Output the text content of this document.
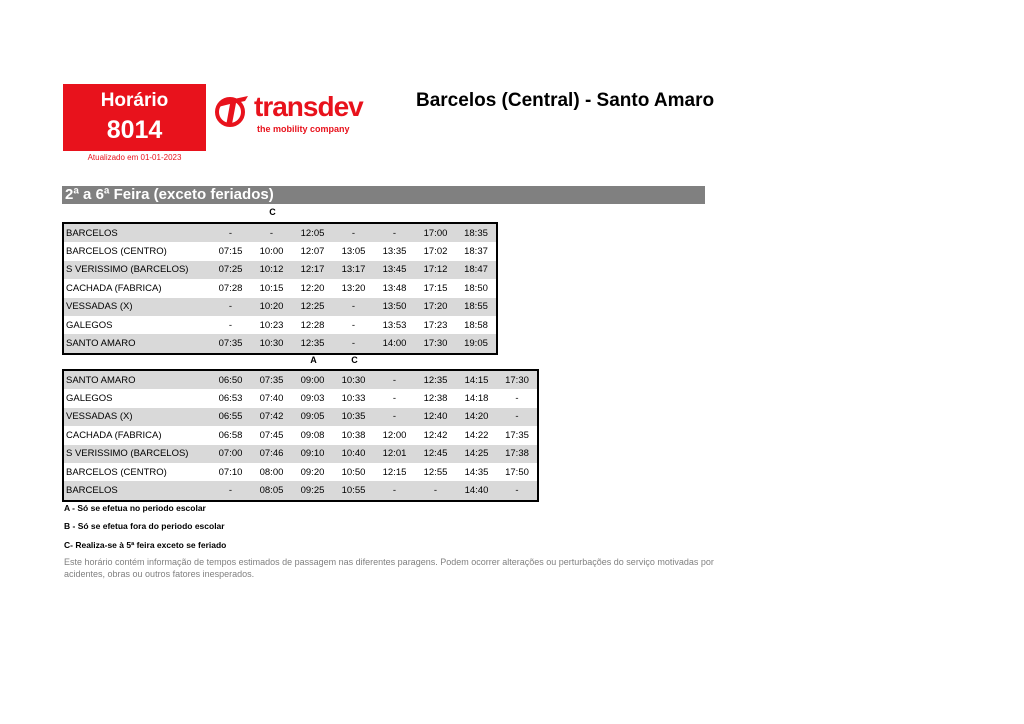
Horário
8014
Atualizado em 01-01-2023
transdev
the mobility company
Barcelos (Central) - Santo Amaro
2ª a 6ª Feira (exceto feriados)
C
BARCELOS	-	-	12:05	-	-	17:00	18:35
BARCELOS (CENTRO)	07:15	10:00	12:07	13:05	13:35	17:02	18:37
S VERISSIMO (BARCELOS)	07:25	10:12	12:17	13:17	13:45	17:12	18:47
CACHADA (FABRICA)	07:28	10:15	12:20	13:20	13:48	17:15	18:50
VESSADAS (X)	-	10:20	12:25	-	13:50	17:20	18:55
GALEGOS	-	10:23	12:28	-	13:53	17:23	18:58
SANTO AMARO	07:35	10:30	12:35	-	14:00	17:30	19:05
A	C
SANTO AMARO	06:50	07:35	09:00	10:30	-	12:35	14:15	17:30
GALEGOS	06:53	07:40	09:03	10:33	-	12:38	14:18	-
VESSADAS (X)	06:55	07:42	09:05	10:35	-	12:40	14:20	-
CACHADA (FABRICA)	06:58	07:45	09:08	10:38	12:00	12:42	14:22	17:35
S VERISSIMO (BARCELOS)	07:00	07:46	09:10	10:40	12:01	12:45	14:25	17:38
BARCELOS (CENTRO)	07:10	08:00	09:20	10:50	12:15	12:55	14:35	17:50
BARCELOS	-	08:05	09:25	10:55	-	-	14:40	-
A - Só se efetua no periodo escolar
B - Só se efetua fora do periodo escolar
C- Realiza-se à 5ª feira exceto se feriado
Este horário contém informação de tempos estimados de passagem nas diferentes paragens. Podem ocorrer alterações ou perturbações do serviço motivadas por acidentes, obras ou outros fatores inesperados.
